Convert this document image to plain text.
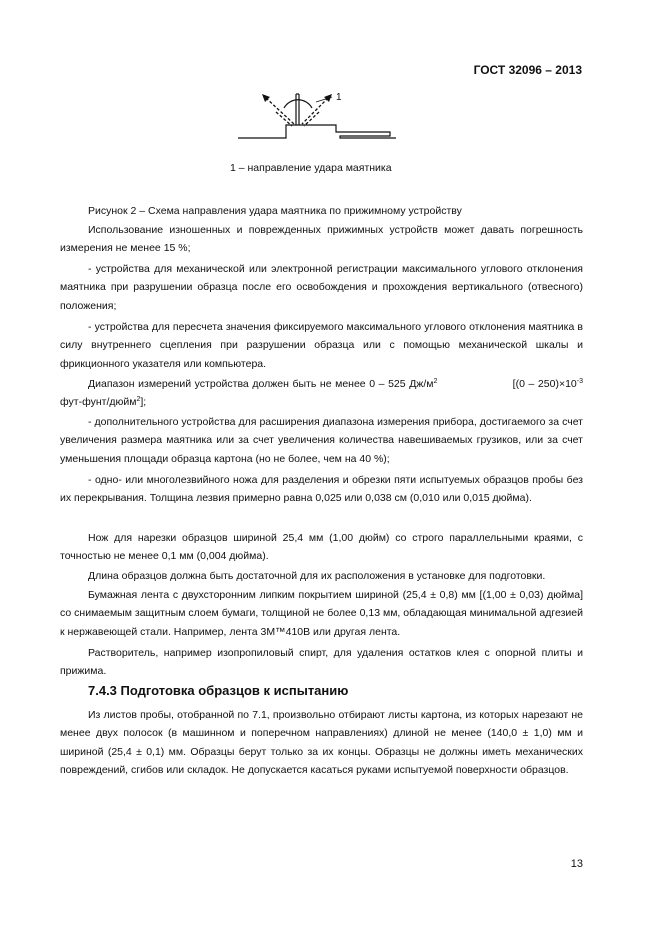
ГОСТ 32096 – 2013
1
1 – направление удара маятника

Рисунок 2 – Схема направления удара маятника по прижимному устройству

Использование изношенных и поврежденных прижимных устройств может давать погрешность измерения не менее 15 %;

- устройства для механической или электронной регистрации максимального углового отклонения маятника при разрушении образца после его освобождения и прохождения вертикального (отвесного) положения;

- устройства для пересчета значения фиксируемого максимального углового отклонения маятника в силу внутреннего сцепления при разрушении образца или с помощью механической шкалы и фрикционного указателя или компьютера.

Диапазон измерений устройства должен быть не менее 0 – 525 $Дж/м^2$	[$(0 - 250)\times 10^{-3}$ фут-фунт/дюйм$^2$];

- дополнительного устройства для расширения диапазона измерения прибора, достигаемого за счет увеличения размера маятника или за счет увеличения количества навешиваемых грузиков, или за счет уменьшения площади образца картона (но не более, чем на 40 %);

- одно- или многолезвийного ножа для разделения и обрезки пяти испытуемых образцов пробы без их перекрывания. Толщина лезвия примерно равна 0,025 или 0,038 см (0,010 или 0,015 дюйма).

Нож для нарезки образцов шириной 25,4 мм (1,00 дюйм) со строго параллельными краями, с точностью не менее 0,1 мм (0,004 дюйма).

Длина образцов должна быть достаточной для их расположения в установке для подготовки.

Бумажная лента с двухсторонним липким покрытием шириной (25,4 ± 0,8) мм [(1,00 ± 0,03) дюйма] со снимаемым защитным слоем бумаги, толщиной не более 0,13 мм, обладающая минимальной адгезией к нержавеющей стали. Например, лента 3М™410В или другая лента.

Растворитель, например изопропиловый спирт, для удаления остатков клея с опорной плиты и прижима.

7.4.3 Подготовка образцов к испытанию

Из листов пробы, отобранной по 7.1, произвольно отбирают листы картона, из которых нарезают не менее двух полосок (в машинном и поперечном направлениях) длиной не менее (140,0 ± 1,0) мм и шириной (25,4 ± 0,1) мм. Образцы берут только за их концы. Образцы не должны иметь механических повреждений, сгибов или складок. Не допускается касаться руками испытуемой поверхности образцов.

13
